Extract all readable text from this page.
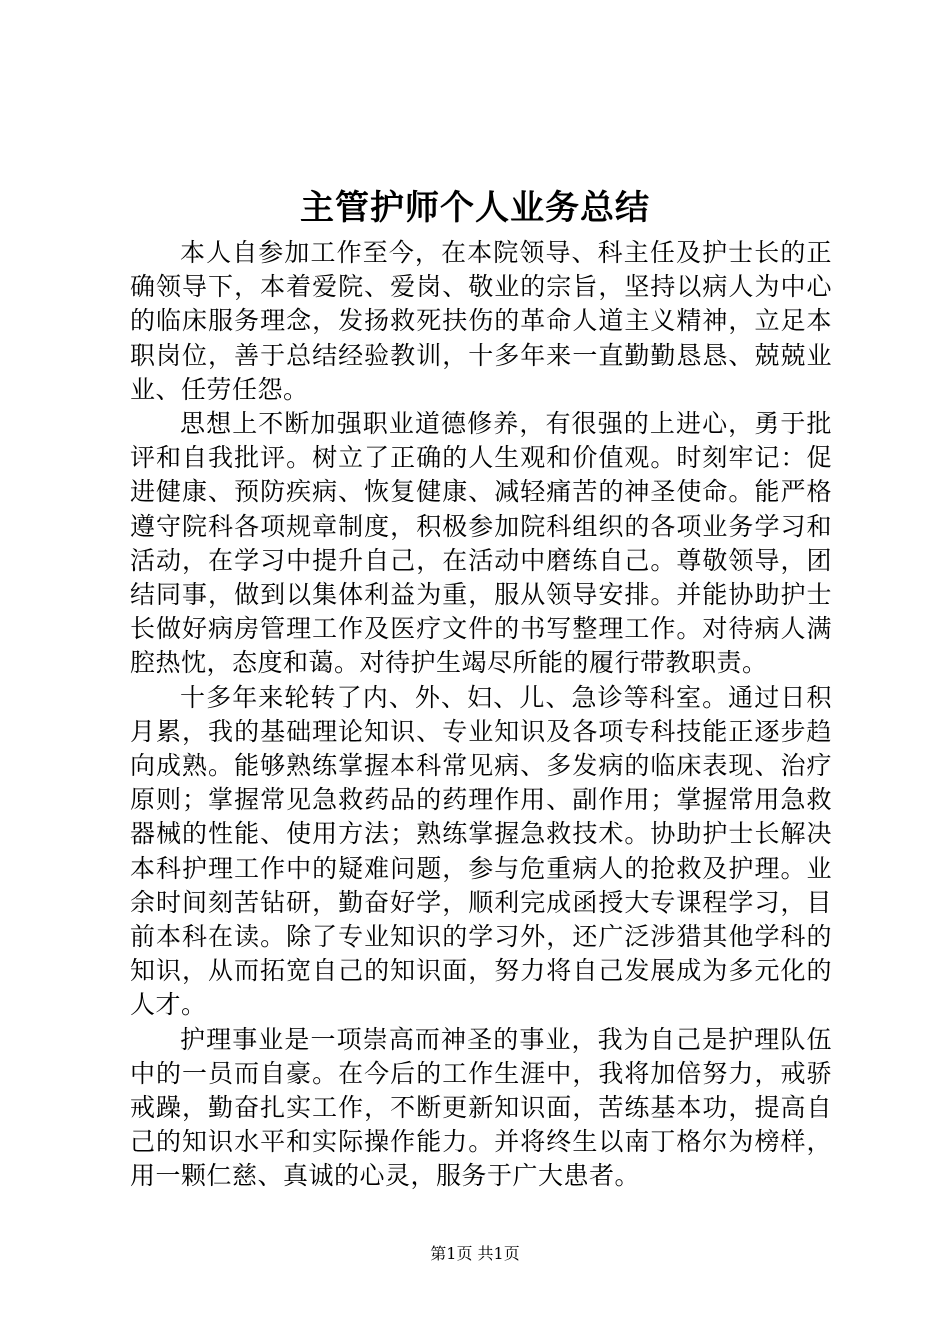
主管护师个人业务总结

本人自参加工作至今，在本院领导、科主任及护士长的正确领导下，本着爱院、爱岗、敬业的宗旨，坚持以病人为中心的临床服务理念，发扬救死扶伤的革命人道主义精神，立足本职岗位，善于总结经验教训，十多年来一直勤勤恳恳、兢兢业业、任劳任怨。

思想上不断加强职业道德修养，有很强的上进心，勇于批评和自我批评。树立了正确的人生观和价值观。时刻牢记：促进健康、预防疾病、恢复健康、减轻痛苦的神圣使命。能严格遵守院科各项规章制度，积极参加院科组织的各项业务学习和活动，在学习中提升自己，在活动中磨练自己。尊敬领导，团结同事，做到以集体利益为重，服从领导安排。并能协助护士长做好病房管理工作及医疗文件的书写整理工作。对待病人满腔热忱，态度和蔼。对待护生竭尽所能的履行带教职责。

十多年来轮转了内、外、妇、儿、急诊等科室。通过日积月累，我的基础理论知识、专业知识及各项专科技能正逐步趋向成熟。能够熟练掌握本科常见病、多发病的临床表现、治疗原则；掌握常见急救药品的药理作用、副作用；掌握常用急救器械的性能、使用方法；熟练掌握急救技术。协助护士长解决本科护理工作中的疑难问题，参与危重病人的抢救及护理。业余时间刻苦钻研，勤奋好学，顺利完成函授大专课程学习，目前本科在读。除了专业知识的学习外，还广泛涉猎其他学科的知识，从而拓宽自己的知识面，努力将自己发展成为多元化的人才。

护理事业是一项崇高而神圣的事业，我为自己是护理队伍中的一员而自豪。在今后的工作生涯中，我将加倍努力，戒骄戒躁，勤奋扎实工作，不断更新知识面，苦练基本功，提高自己的知识水平和实际操作能力。并将终生以南丁格尔为榜样，用一颗仁慈、真诚的心灵，服务于广大患者。

第1页 共1页
